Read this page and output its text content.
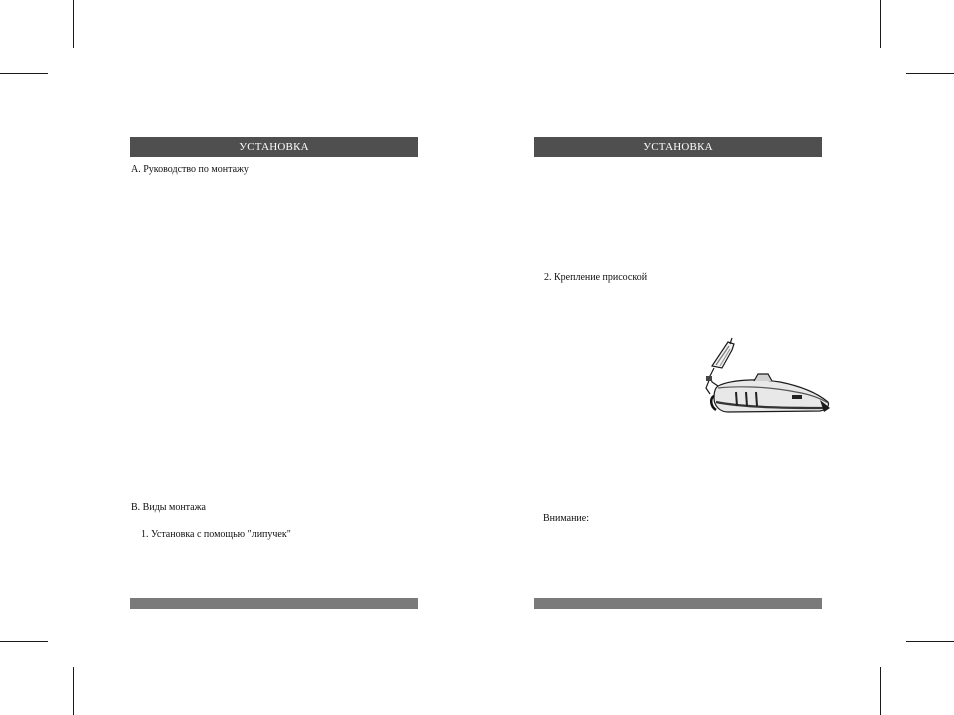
УСТАНОВКА
A. Руководство по монтажу
B. Виды монтажа
1. Установка с помощью "липучек"
УСТАНОВКА
2. Крепление присоской
Внимание:
